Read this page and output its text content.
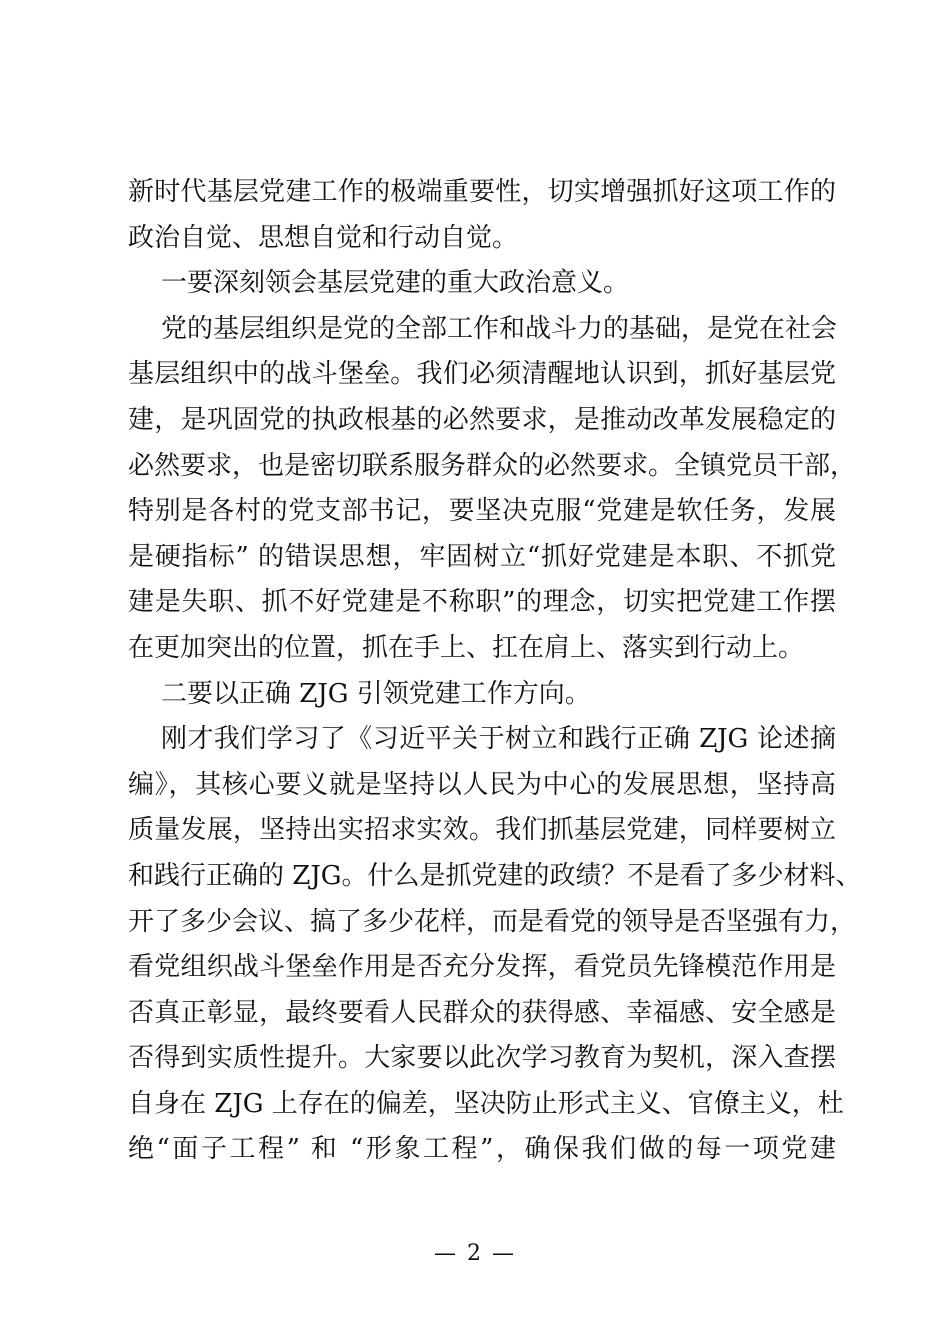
新时代基层党建工作的极端重要性，切实增强抓好这项工作的
政治自觉、思想自觉和行动自觉。
一要深刻领会基层党建的重大政治意义。
党的基层组织是党的全部工作和战斗力的基础，是党在社会
基层组织中的战斗堡垒。我们必须清醒地认识到，抓好基层党
建，是巩固党的执政根基的必然要求，是推动改革发展稳定的
必然要求，也是密切联系服务群众的必然要求。全镇党员干部，
特别是各村的党支部书记，要坚决克服“党建是软任务，发展
是硬指标” 的错误思想，牢固树立“抓好党建是本职、不抓党
建是失职、抓不好党建是不称职”的理念，切实把党建工作摆
在更加突出的位置，抓在手上、扛在肩上、落实到行动上。
二要以正确 ZJG 引领党建工作方向。
刚才我们学习了《习近平关于树立和践行正确 ZJG 论述摘
编》，其核心要义就是坚持以人民为中心的发展思想，坚持高
质量发展，坚持出实招求实效。我们抓基层党建，同样要树立
和践行正确的 ZJG。什么是抓党建的政绩？不是看了多少材料、
开了多少会议、搞了多少花样，而是看党的领导是否坚强有力，
看党组织战斗堡垒作用是否充分发挥，看党员先锋模范作用是
否真正彰显，最终要看人民群众的获得感、幸福感、安全感是
否得到实质性提升。大家要以此次学习教育为契机，深入查摆
自身在 ZJG 上存在的偏差，坚决防止形式主义、官僚主义，杜
绝“面子工程” 和 “形象工程”，确保我们做的每一项党建
— 2 —
